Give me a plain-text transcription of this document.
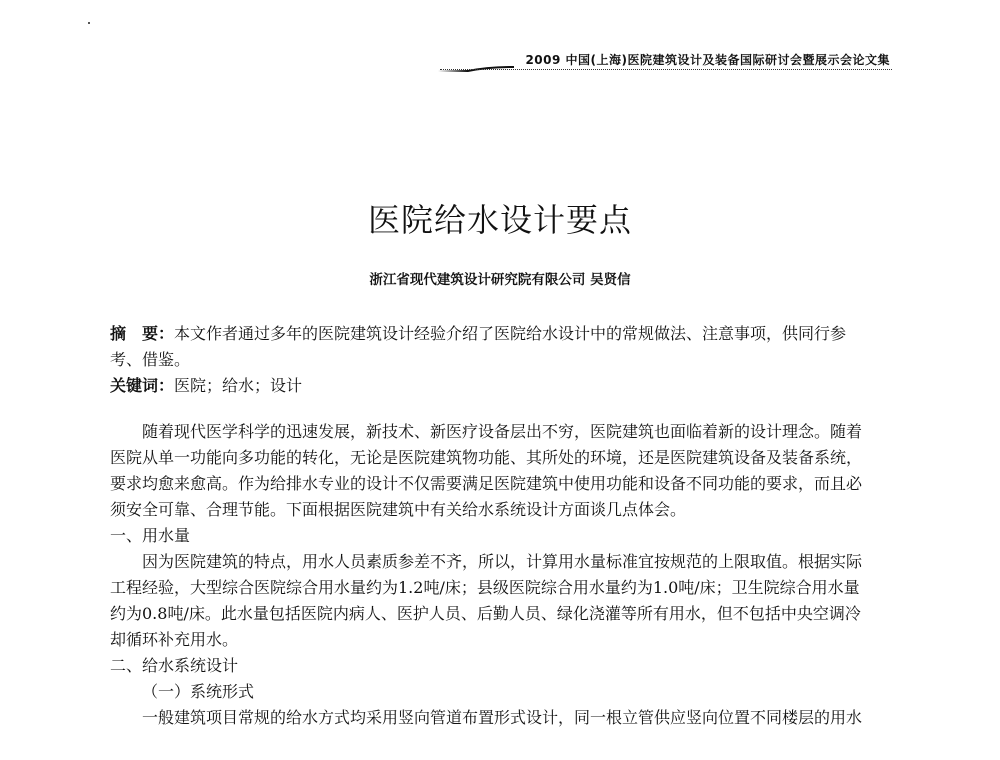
2009 中国(上海)医院建筑设计及装备国际研讨会暨展示会论文集
医院给水设计要点
浙江省现代建筑设计研究院有限公司 吴贤信
摘　要：本文作者通过多年的医院建筑设计经验介绍了医院给水设计中的常规做法、注意事项，供同行参
考、借鉴。
关键词：医院；给水；设计
随着现代医学科学的迅速发展，新技术、新医疗设备层出不穷，医院建筑也面临着新的设计理念。随着
医院从单一功能向多功能的转化，无论是医院建筑物功能、其所处的环境，还是医院建筑设备及装备系统，
要求均愈来愈高。作为给排水专业的设计不仅需要满足医院建筑中使用功能和设备不同功能的要求，而且必
须安全可靠、合理节能。下面根据医院建筑中有关给水系统设计方面谈几点体会。
一、用水量
因为医院建筑的特点，用水人员素质参差不齐，所以，计算用水量标准宜按规范的上限取值。根据实际
工程经验，大型综合医院综合用水量约为1.2吨/床；县级医院综合用水量约为1.0吨/床；卫生院综合用水量
约为0.8吨/床。此水量包括医院内病人、医护人员、后勤人员、绿化浇灌等所有用水，但不包括中央空调冷
却循环补充用水。
二、给水系统设计
（一）系统形式
一般建筑项目常规的给水方式均采用竖向管道布置形式设计，同一根立管供应竖向位置不同楼层的用水
